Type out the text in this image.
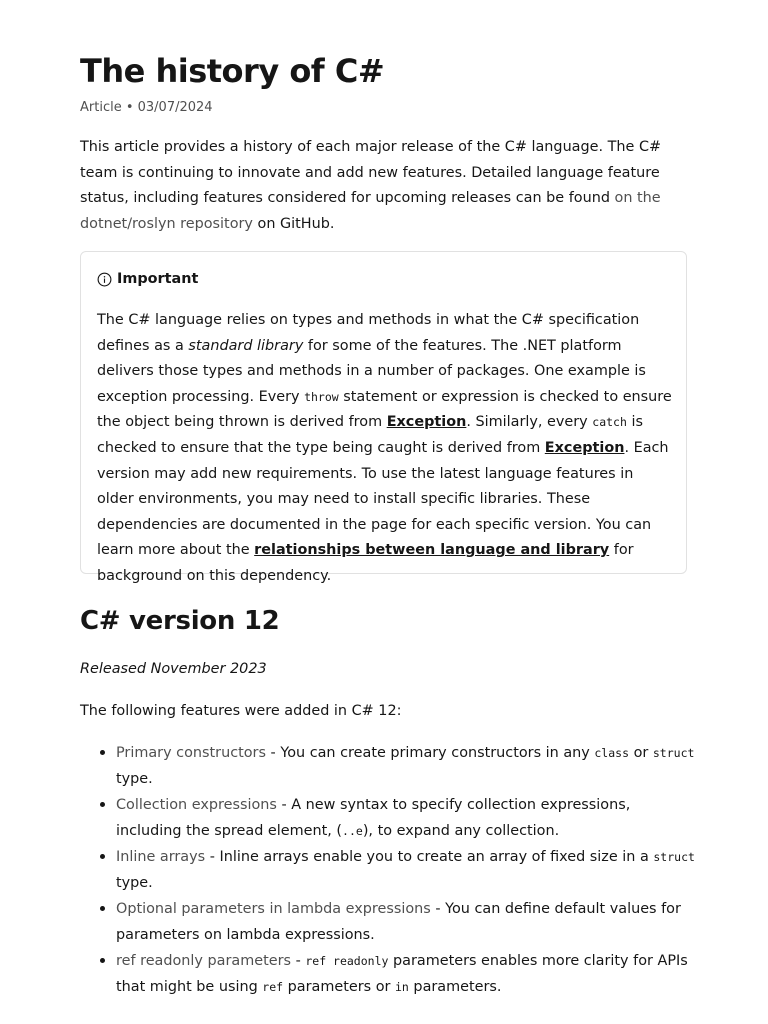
The history of C#
Article • 03/07/2024

This article provides a history of each major release of the C# language. The C# team is continuing to innovate and add new features. Detailed language feature status, including features considered for upcoming releases can be found on the dotnet/roslyn repository on GitHub.

Important

The C# language relies on types and methods in what the C# specification defines as a standard library for some of the features. The .NET platform delivers those types and methods in a number of packages. One example is exception processing. Every throw statement or expression is checked to ensure the object being thrown is derived from Exception. Similarly, every catch is checked to ensure that the type being caught is derived from Exception. Each version may add new requirements. To use the latest language features in older environments, you may need to install specific libraries. These dependencies are documented in the page for each specific version. You can learn more about the relationships between language and library for background on this dependency.

C# version 12

Released November 2023

The following features were added in C# 12:

Primary constructors - You can create primary constructors in any class or struct type.
Collection expressions - A new syntax to specify collection expressions, including the spread element, (..e), to expand any collection.
Inline arrays - Inline arrays enable you to create an array of fixed size in a struct type.
Optional parameters in lambda expressions - You can define default values for parameters on lambda expressions.
ref readonly parameters - ref readonly parameters enables more clarity for APIs that might be using ref parameters or in parameters.
